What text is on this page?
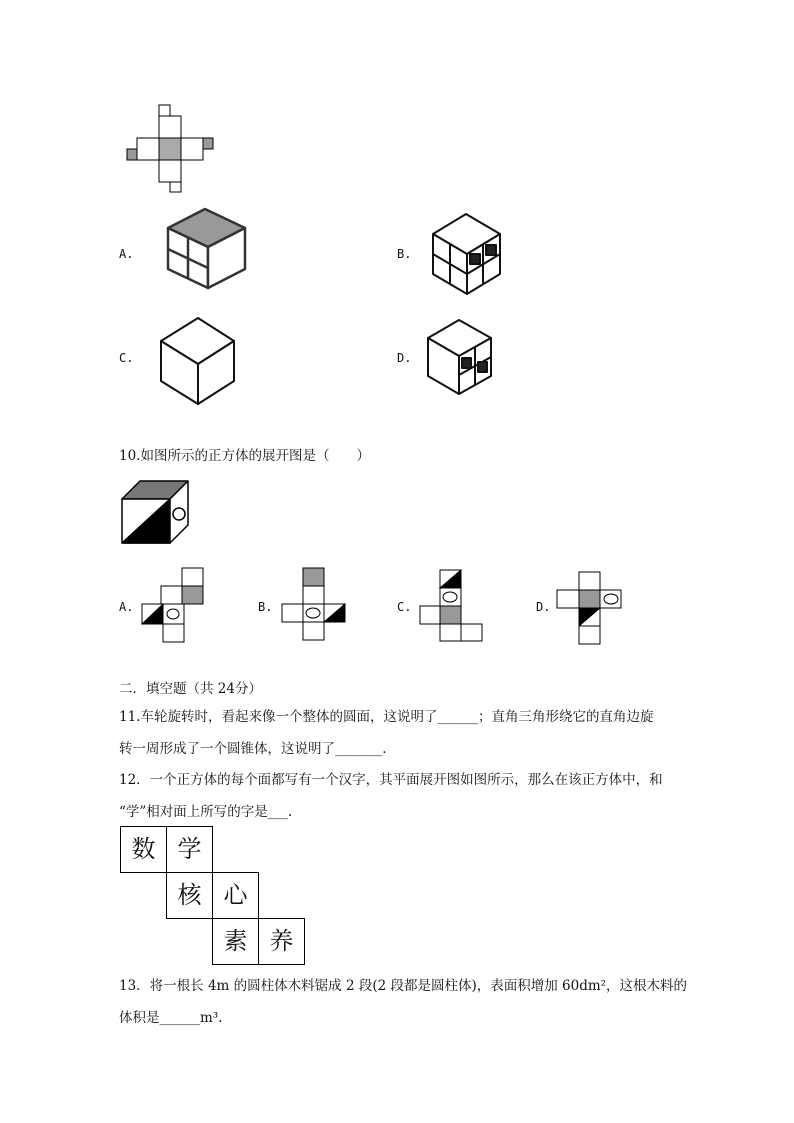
A.	B.
C.	D.
10.如图所示的正方体的展开图是（　　）
A.	B.	C.	D.
二．填空题（共 24分）
11.车轮旋转时，看起来像一个整体的圆面，这说明了______；直角三角形绕它的直角边旋
转一周形成了一个圆锥体，这说明了_______.
12．一个正方体的每个面都写有一个汉字，其平面展开图如图所示，那么在该正方体中，和
“学”相对面上所写的字是___.
数 学
核 心
素 养
13．将一根长 4m 的圆柱体木料锯成 2 段(2 段都是圆柱体)，表面积增加 60dm²，这根木料的
体积是______m³.
